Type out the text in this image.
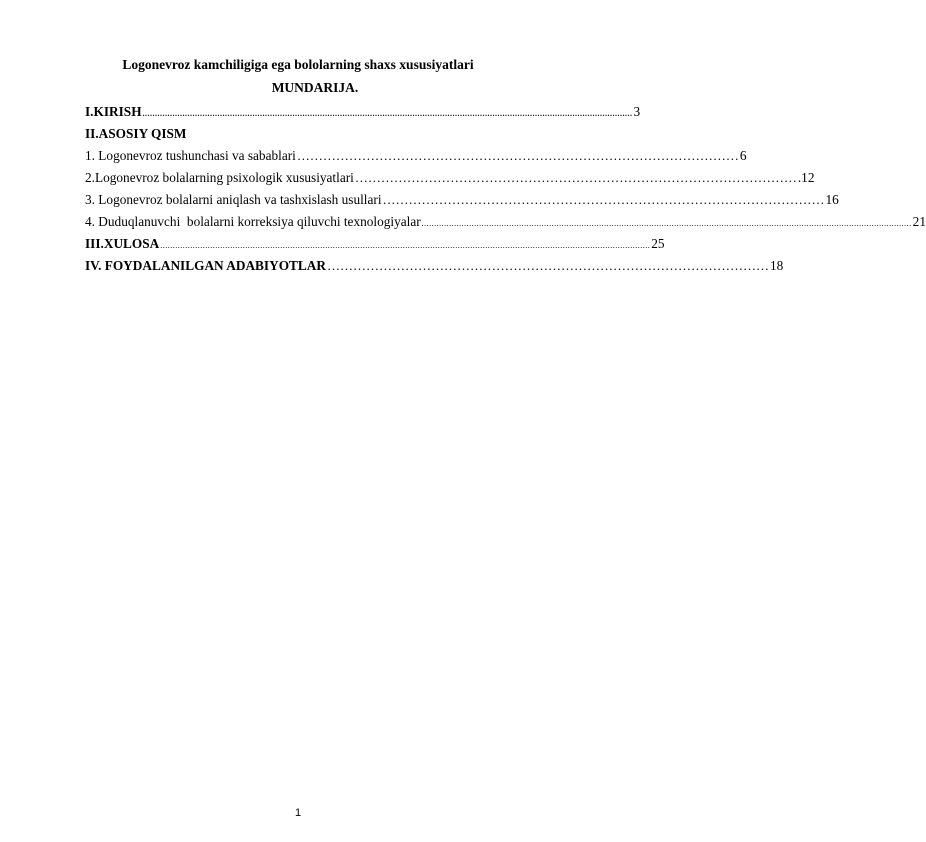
Logonevroz kamchiligiga ega bololarning shaxs xususiyatlari
MUNDARIJA.
I.KIRISH .................................................................................................................................................................................................... 3
II.ASOSIY QISM
1. Logonevroz tushunchasi va sabablari ………………………………………………………………………………………… 6
2.Logonevroz bolalarning psixologik xususiyatlari ………………………………………………………………………………………… .12
3. Logonevroz bolalarni aniqlash va tashxislash usullari ………………………………………………………………………………………… 16
4. Duduqlanuvchi  bolalarni korreksiya qiluvchi texnologiyalar .................................................................................................................................................................................................... 21
III.XULOSA .................................................................................................................................................................................................... 25
IV. FOYDALANILGAN ADABIYOTLAR ………………………………………………………………………………………… 18
1
